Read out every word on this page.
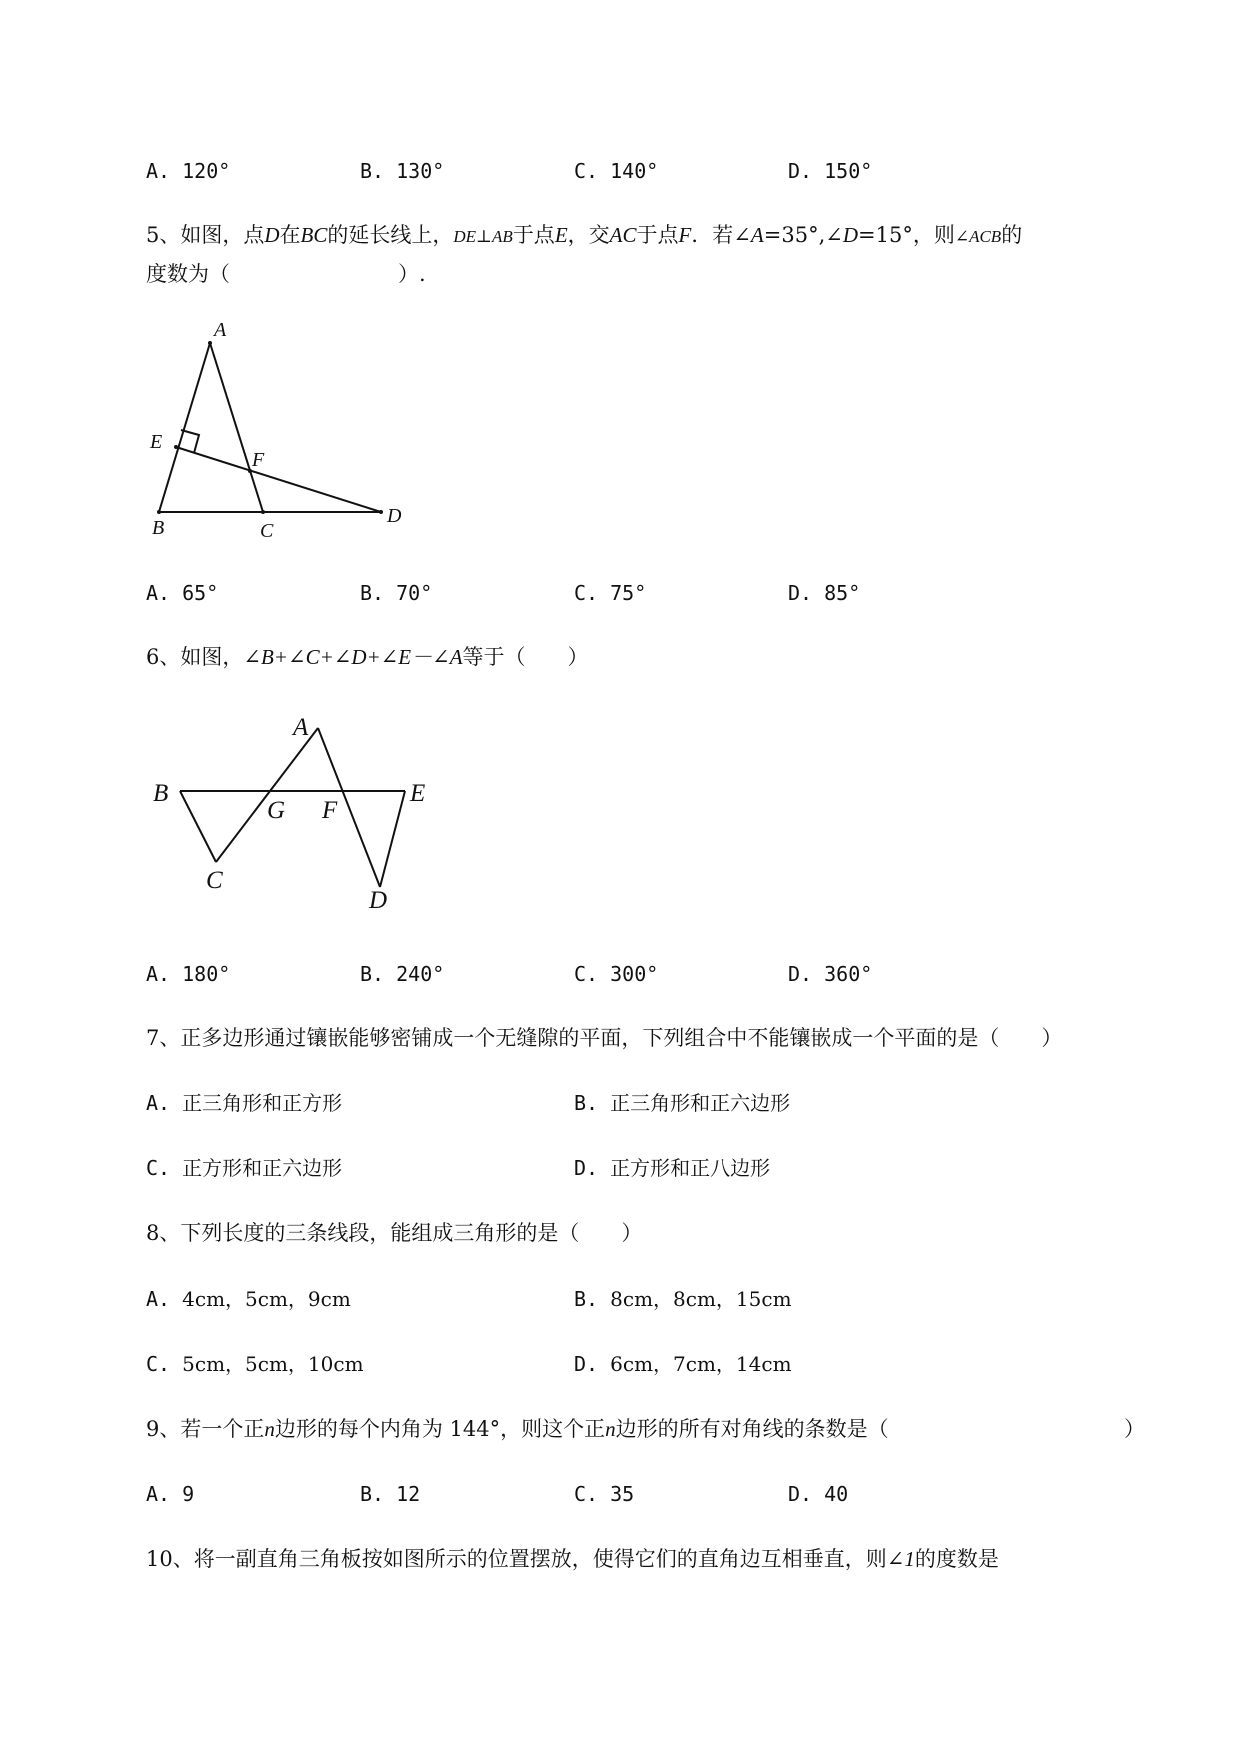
A. 120°	B. 130°	C. 140°	D. 150°
5、如图，点D在BC的延长线上，DE⊥AB于点E，交AC于点F．若∠A=35°,∠D=15°，则∠ACB的
度数为（	）.
A
E
F
B	C
D
A
B
G F
E
C
D
A. 65°	B. 70°	C. 75°	D. 85°
6、如图，∠B+∠C+∠D+∠E－∠A等于（　　）
A. 180°	B. 240°	C. 300°	D. 360°
7、正多边形通过镶嵌能够密铺成一个无缝隙的平面，下列组合中不能镶嵌成一个平面的是（　　）
A. 正三角形和正方形	B. 正三角形和正六边形
C. 正方形和正六边形	D. 正方形和正八边形
8、下列长度的三条线段，能组成三角形的是（　　）
A. 4cm，5cm，9cm	B. 8cm，8cm，15cm
C. 5cm，5cm，10cm	D. 6cm，7cm，14cm
9、若一个正n边形的每个内角为 144°，则这个正n边形的所有对角线的条数是（	）
A. 9	B. 12	C. 35	D. 40
10、将一副直角三角板按如图所示的位置摆放，使得它们的直角边互相垂直，则∠1的度数是
